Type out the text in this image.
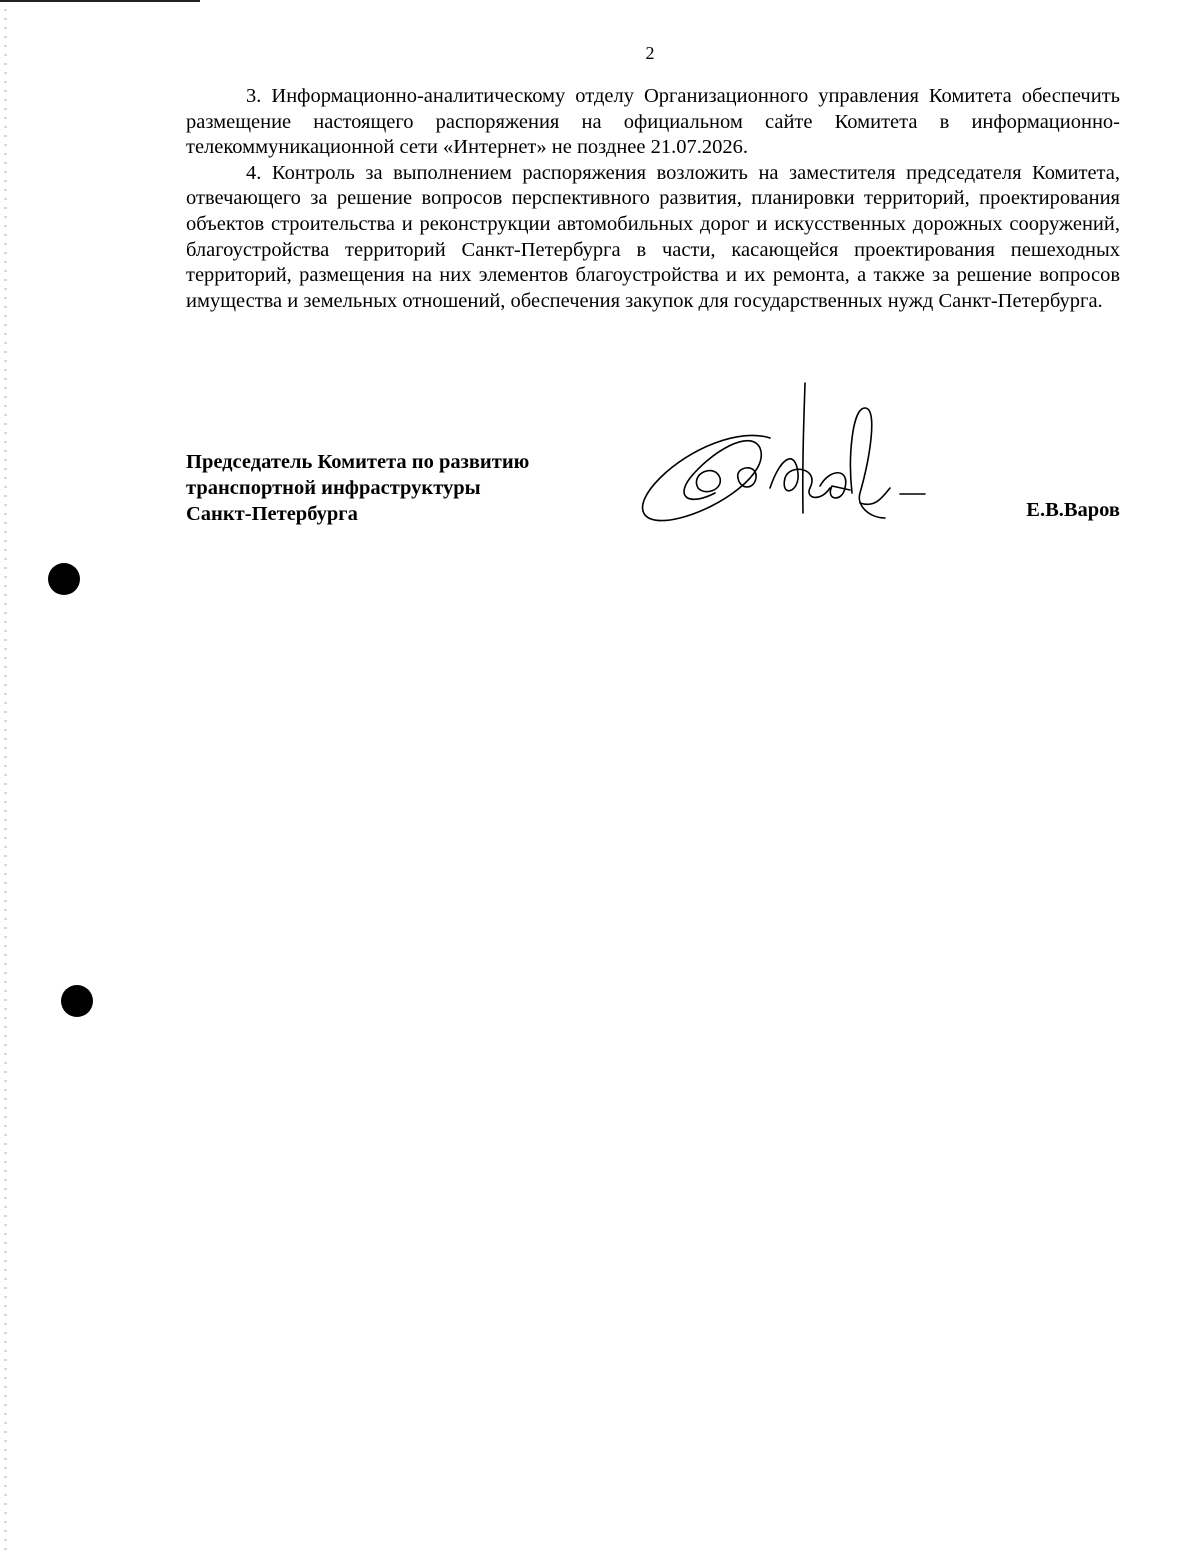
2

3. Информационно-аналитическому отделу Организационного управления Комитета обеспечить размещение настоящего распоряжения на официальном сайте Комитета в информационно-телекоммуникационной сети «Интернет» не позднее 21.07.2026.

4. Контроль за выполнением распоряжения возложить на заместителя председателя Комитета, отвечающего за решение вопросов перспективного развития, планировки территорий, проектирования объектов строительства и реконструкции автомобильных дорог и искусственных дорожных сооружений, благоустройства территорий Санкт-Петербурга в части, касающейся проектирования пешеходных территорий, размещения на них элементов благоустройства и их ремонта, а также за решение вопросов имущества и земельных отношений, обеспечения закупок для государственных нужд Санкт-Петербурга.

Председатель Комитета по развитию
транспортной инфраструктуры
Санкт-Петербурга	Е.В.Варов
